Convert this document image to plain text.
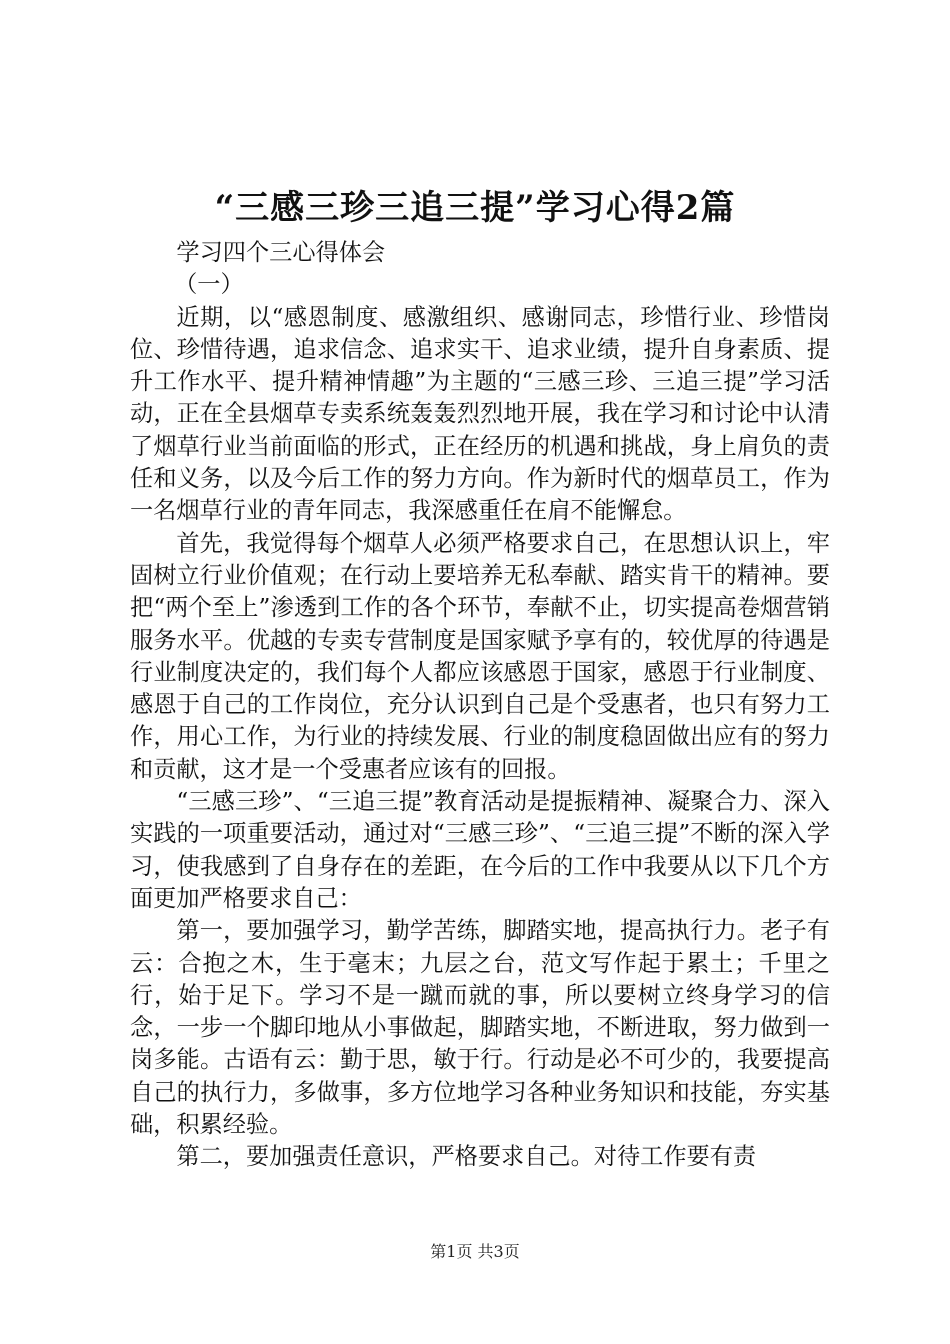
“三感三珍三追三提”学习心得2篇

学习四个三心得体会

（一）

近期，以“感恩制度、感激组织、感谢同志，珍惜行业、珍惜岗位、珍惜待遇，追求信念、追求实干、追求业绩，提升自身素质、提升工作水平、提升精神情趣”为主题的“三感三珍、三追三提”学习活动，正在全县烟草专卖系统轰轰烈烈地开展，我在学习和讨论中认清了烟草行业当前面临的形式，正在经历的机遇和挑战，身上肩负的责任和义务，以及今后工作的努力方向。作为新时代的烟草员工，作为一名烟草行业的青年同志，我深感重任在肩不能懈怠。

首先，我觉得每个烟草人必须严格要求自己，在思想认识上，牢固树立行业价值观；在行动上要培养无私奉献、踏实肯干的精神。要把“两个至上”渗透到工作的各个环节，奉献不止，切实提高卷烟营销服务水平。优越的专卖专营制度是国家赋予享有的，较优厚的待遇是行业制度决定的，我们每个人都应该感恩于国家，感恩于行业制度、感恩于自己的工作岗位，充分认识到自己是个受惠者，也只有努力工作，用心工作，为行业的持续发展、行业的制度稳固做出应有的努力和贡献，这才是一个受惠者应该有的回报。

“三感三珍”、“三追三提”教育活动是提振精神、凝聚合力、深入实践的一项重要活动，通过对“三感三珍”、“三追三提”不断的深入学习，使我感到了自身存在的差距，在今后的工作中我要从以下几个方面更加严格要求自己：

第一，要加强学习，勤学苦练，脚踏实地，提高执行力。老子有云：合抱之木，生于毫末；九层之台，范文写作起于累土；千里之行，始于足下。学习不是一蹴而就的事，所以要树立终身学习的信念，一步一个脚印地从小事做起，脚踏实地，不断进取，努力做到一岗多能。古语有云：勤于思，敏于行。行动是必不可少的，我要提高自己的执行力，多做事，多方位地学习各种业务知识和技能，夯实基础，积累经验。

第二，要加强责任意识，严格要求自己。对待工作要有责

第1页 共3页
